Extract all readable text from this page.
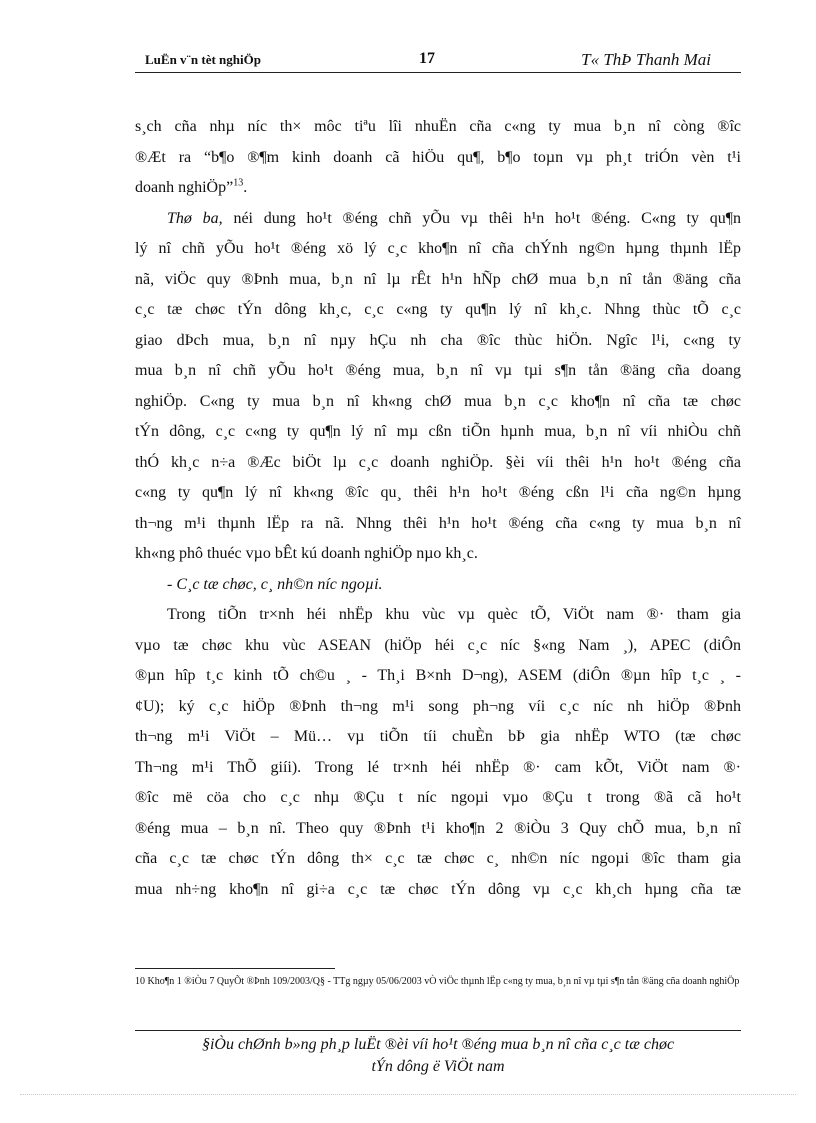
LuËn v¨n tèt nghiÖp	17	T« ThÞ Thanh Mai

s¸ch cña nhµ níc th× môc tiªu lîi nhuËn cña c«ng ty mua b¸n nî còng ®îc

®Æt ra “b¶o ®¶m kinh doanh cã hiÖu qu¶, b¶o toµn vµ ph¸t triÓn vèn t¹i

doanh nghiÖp”$^{13}$.

Thø ba, néi dung ho¹t ®éng chñ yÕu vµ thêi h¹n ho¹t ®éng. C«ng ty qu¶n

lý nî chñ yÕu ho¹t ®éng xö lý c¸c kho¶n nî cña chÝnh ng©n hµng thµnh lËp

nã, viÖc quy ®Þnh mua, b¸n nî lµ rÊt h¹n hÑp chØ mua b¸n nî tån ®äng cña

c¸c tæ chøc tÝn dông kh¸c, c¸c c«ng ty qu¶n lý nî kh¸c. Nhng thùc tÕ c¸c

giao dÞch mua, b¸n nî nµy hÇu nh cha ®îc thùc hiÖn. Ngîc l¹i, c«ng ty

mua b¸n nî chñ yÕu ho¹t ®éng mua, b¸n nî vµ tµi s¶n tån ®äng cña doang

nghiÖp. C«ng ty mua b¸n nî kh«ng chØ mua b¸n c¸c kho¶n nî cña tæ chøc

tÝn dông, c¸c c«ng ty qu¶n lý nî mµ cßn tiÕn hµnh mua, b¸n nî víi nhiÒu chñ

thÓ kh¸c n÷a ®Æc biÖt lµ c¸c doanh nghiÖp. §èi víi thêi h¹n ho¹t ®éng cña

c«ng ty qu¶n lý nî kh«ng ®îc qu¸ thêi h¹n ho¹t ®éng cßn l¹i cña ng©n hµng

th¬ng m¹i thµnh lËp ra nã. Nhng thêi h¹n ho¹t ®éng cña c«ng ty mua b¸n nî

kh«ng phô thuéc vµo bÊt kú doanh nghiÖp nµo kh¸c.

- C¸c tæ chøc, c¸ nh©n níc ngoµi.

Trong tiÕn tr×nh héi nhËp khu vùc vµ quèc tÕ, ViÖt nam ®· tham gia

vµo tæ chøc khu vùc ASEAN (hiÖp héi c¸c níc §«ng Nam ¸), APEC (diÔn

®µn hîp t¸c kinh tÕ ch©u ¸ - Th¸i B×nh D¬ng), ASEM (diÔn ®µn hîp t¸c ¸ -

¢U); ký c¸c hiÖp ®Þnh th¬ng m¹i song ph¬ng víi c¸c níc nh hiÖp ®Þnh

th¬ng m¹i ViÖt – Mü… vµ tiÕn tíi chuÈn bÞ gia nhËp WTO (tæ chøc

Th¬ng m¹i ThÕ giíi). Trong lé tr×nh héi nhËp ®· cam kÕt, ViÖt nam ®·

®îc më cöa cho c¸c nhµ ®Çu t níc ngoµi vµo ®Çu t trong ®ã cã ho¹t

®éng mua – b¸n nî. Theo quy ®Þnh t¹i kho¶n 2 ®iÒu 3 Quy chÕ mua, b¸n nî

cña c¸c tæ chøc tÝn dông th× c¸c tæ chøc c¸ nh©n níc ngoµi ®îc tham gia

mua nh÷ng kho¶n nî gi÷a c¸c tæ chøc tÝn dông vµ c¸c kh¸ch hµng cña tæ

10 Kho¶n 1 ®iÒu 7 QuyÕt ®Þnh 109/2003/Q§ - TTg ngµy 05/06/2003 vÒ viÖc thµnh lËp c«ng ty mua, b¸n nî vµ tµi s¶n tån ®äng cña doanh nghiÖp
§iÒu chØnh b»ng ph¸p luËt ®èi víi ho¹t ®éng mua b¸n nî cña c¸c tæ chøc
tÝn dông ë ViÖt nam
